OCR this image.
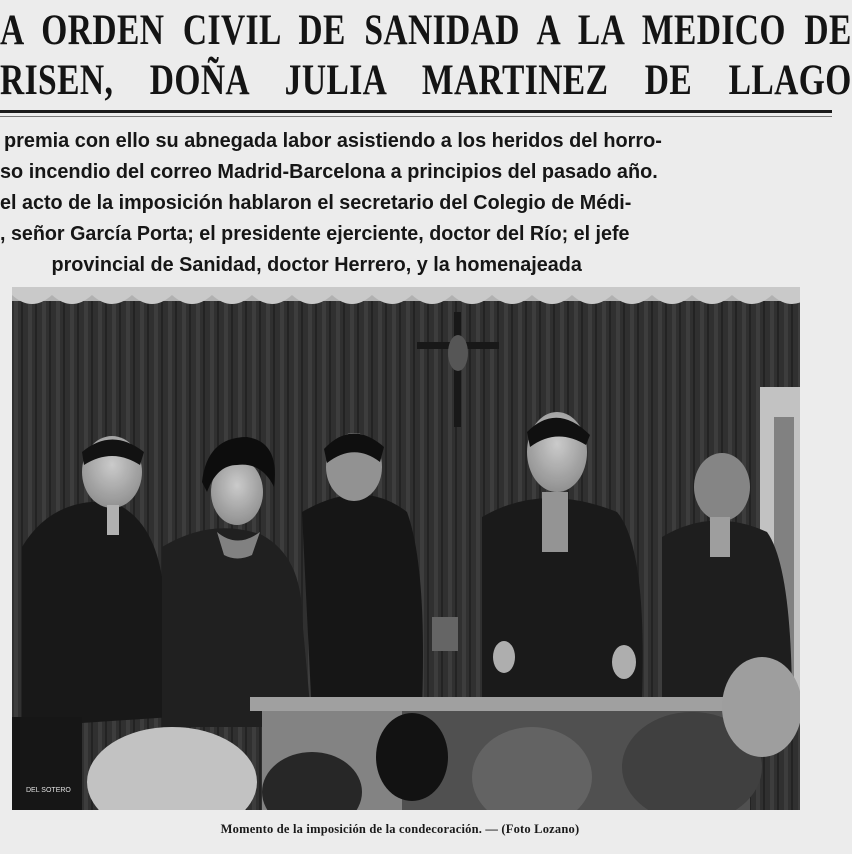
A ORDEN CIVIL DE SANIDAD A LA MEDICO DE
RISEN, DOÑA JULIA MARTINEZ DE LLAGO
premia con ello su abnegada labor asistiendo a los heridos del horro-
so incendio del correo Madrid-Barcelona a principios del pasado año.
el acto de la imposición hablaron el secretario del Colegio de Médi-
, señor García Porta; el presidente ejerciente, doctor del Río; el jefe
provincial de Sanidad, doctor Herrero, y la homenajeada
DEL SOTERO
Momento de la imposición de la condecoración. — (Foto Lozano)
